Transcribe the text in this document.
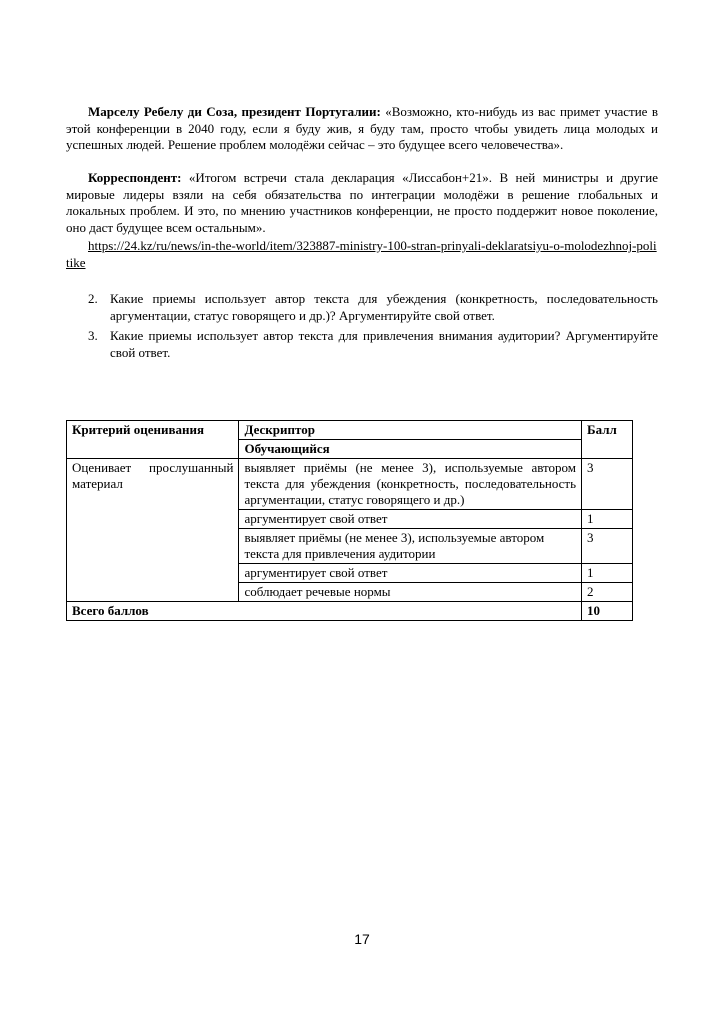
Марселу Ребелу ди Соза, президент Португалии: «Возможно, кто-нибудь из вас примет участие в этой конференции в 2040 году, если я буду жив, я буду там, просто чтобы увидеть лица молодых и успешных людей. Решение проблем молодёжи сейчас – это будущее всего человечества».

Корреспондент: «Итогом встречи стала декларация «Лиссабон+21». В ней министры и другие мировые лидеры взяли на себя обязательства по интеграции молодёжи в решение глобальных и локальных проблем. И это, по мнению участников конференции, не просто поддержит новое поколение, оно даст будущее всем остальным».

https://24.kz/ru/news/in-the-world/item/323887-ministry-100-stran-prinyali-deklaratsiyu-o-molodezhnoj-politike
2. Какие приемы использует автор текста для убеждения (конкретность, последовательность аргументации, статус говорящего и др.)? Аргументируйте свой ответ.
3. Какие приемы использует автор текста для привлечения внимания аудитории? Аргументируйте свой ответ.
Критерий оценивания	Дескриптор	Балл
	Обучающийся	
Оценивает прослушанный материал	выявляет приёмы (не менее 3), используемые автором текста для убеждения (конкретность, последовательность аргументации, статус говорящего и др.)	3
	аргументирует свой ответ	1
	выявляет приёмы (не менее 3), используемые автором текста для привлечения аудитории	3
	аргументирует свой ответ	1
	соблюдает речевые нормы	2
Всего баллов		10
17
